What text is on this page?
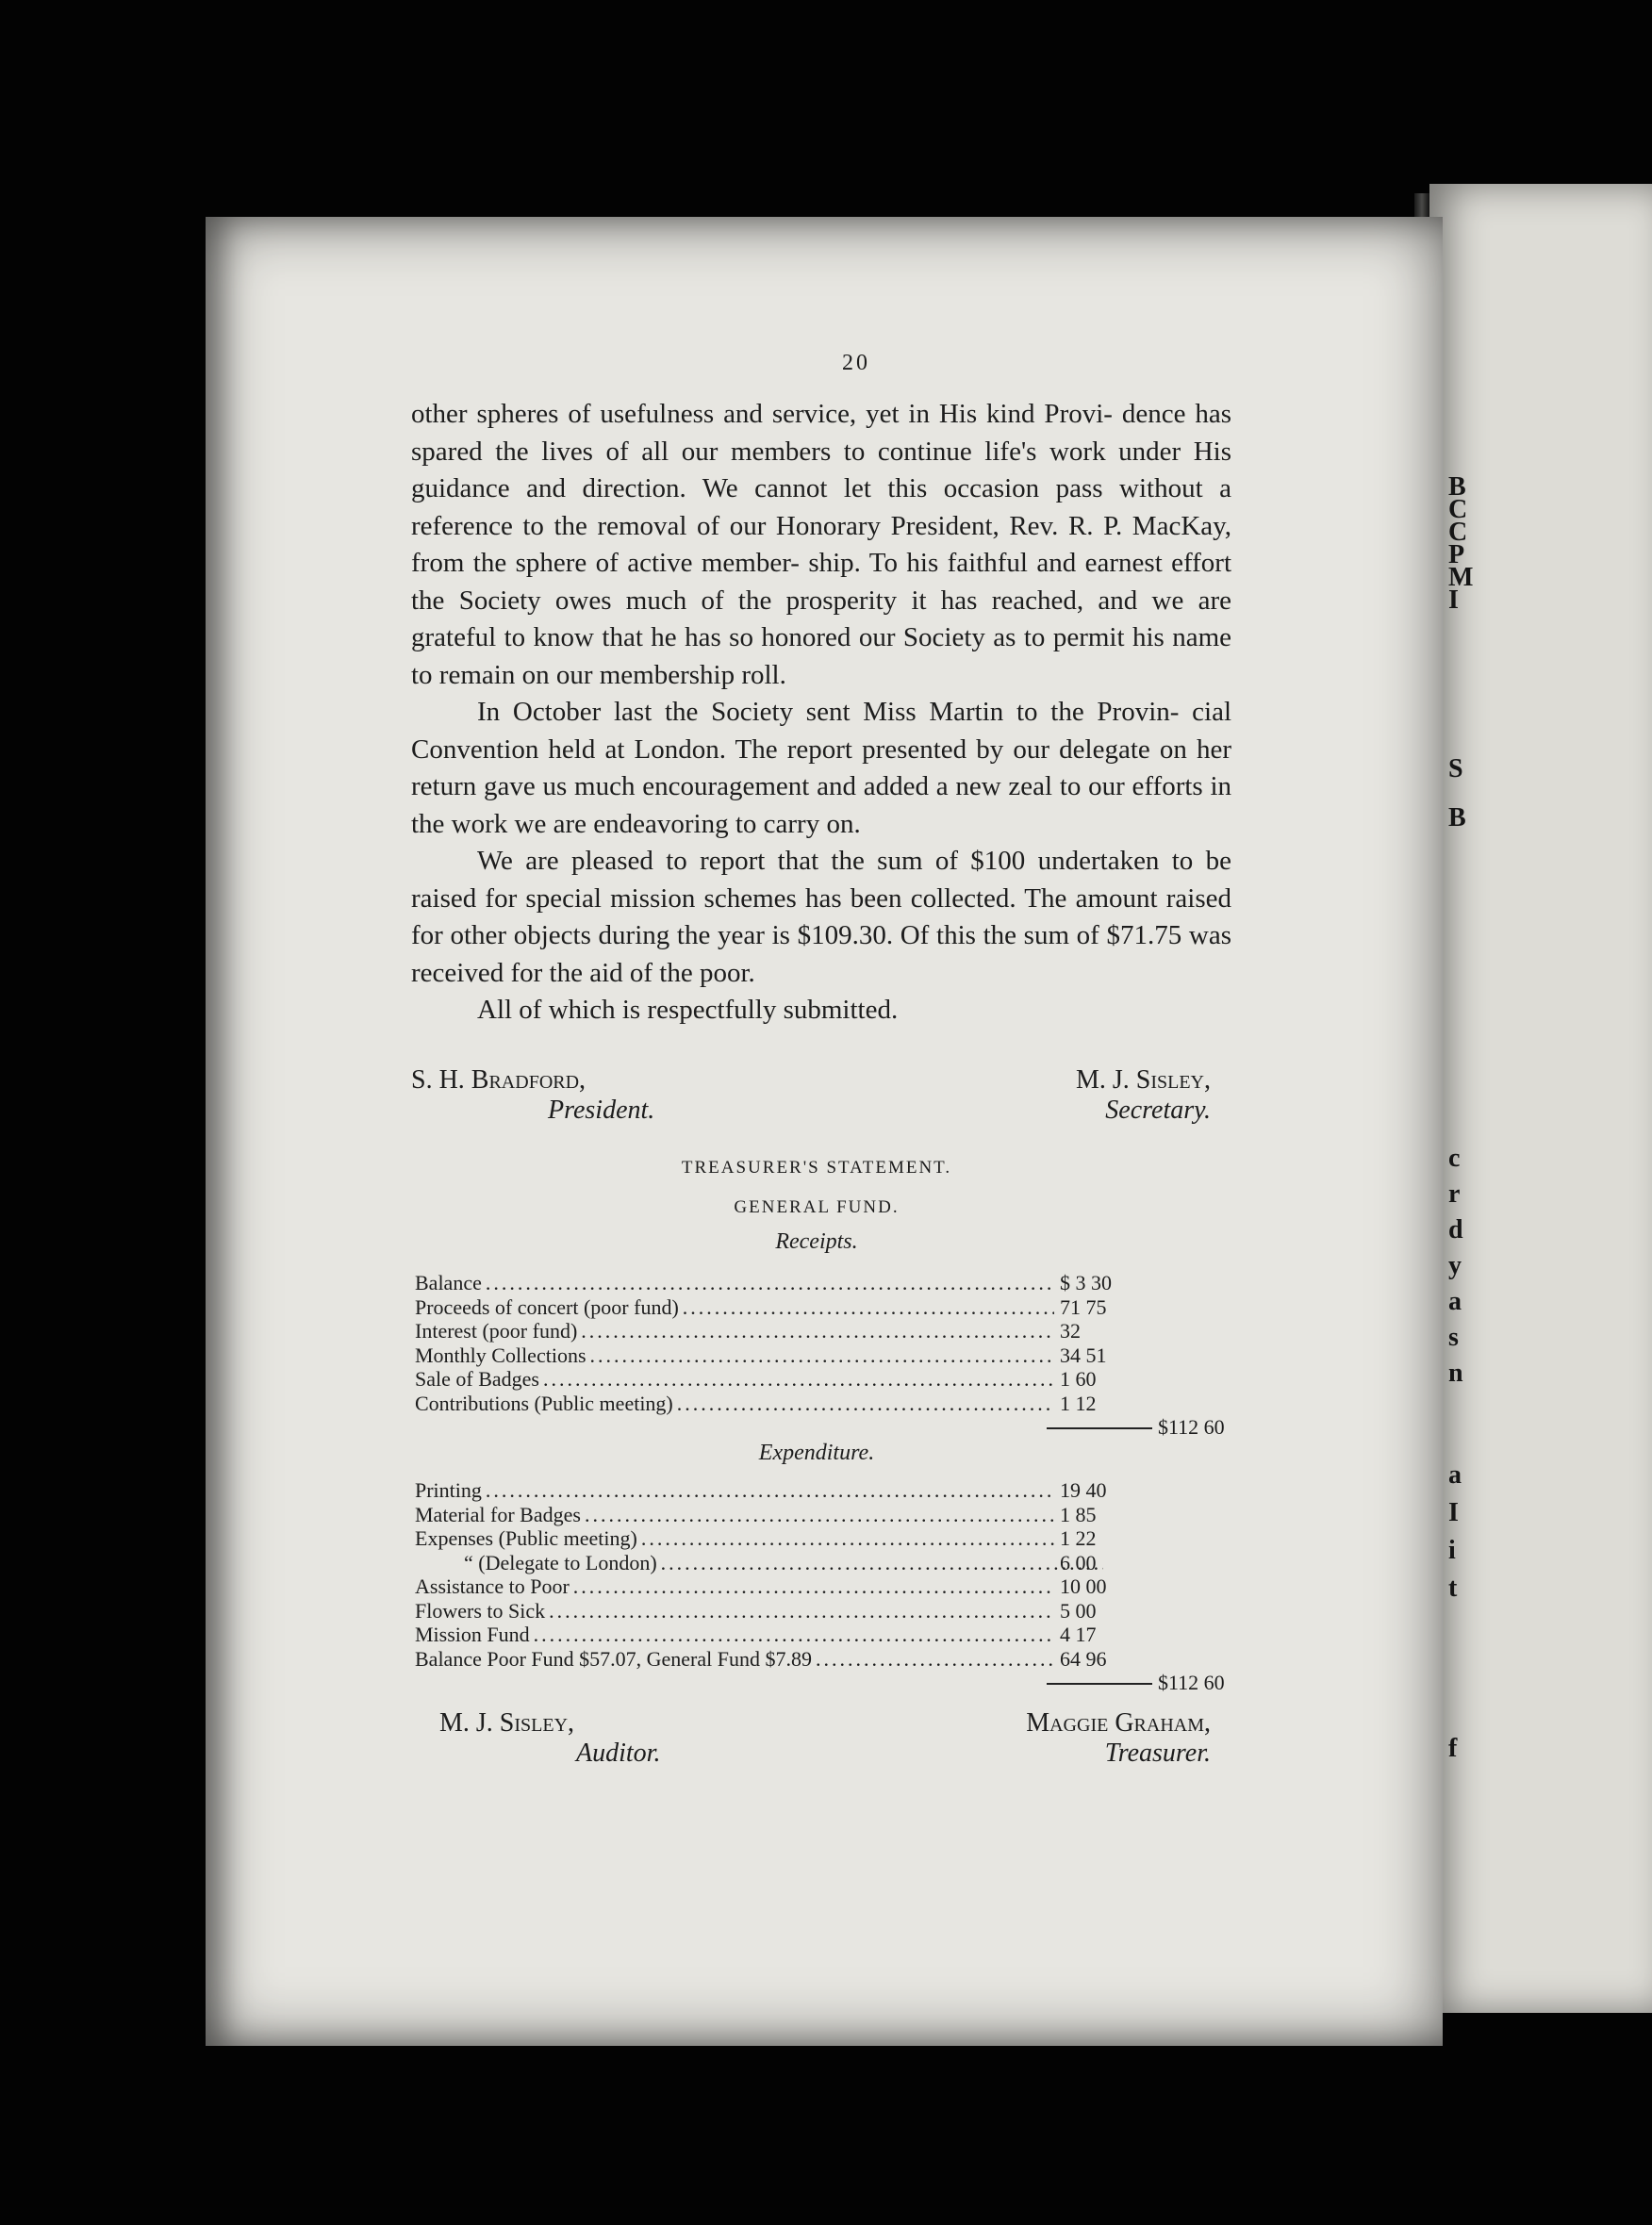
B
C
C
P
M
I
S
B
c
r
d
y
a
s
n
a
I
i
t
f
20

other spheres of usefulness and service, yet in His kind Provi- dence has spared the lives of all our members to continue life's work under His guidance and direction. We cannot let this occasion pass without a reference to the removal of our Honorary President, Rev. R. P. MacKay, from the sphere of active member- ship. To his faithful and earnest effort the Society owes much of the prosperity it has reached, and we are grateful to know that he has so honored our Society as to permit his name to remain on our membership roll.

In October last the Society sent Miss Martin to the Provin- cial Convention held at London. The report presented by our delegate on her return gave us much encouragement and added a new zeal to our efforts in the work we are endeavoring to carry on.

We are pleased to report that the sum of $100 undertaken to be raised for special mission schemes has been collected. The amount raised for other objects during the year is $109.30. Of this the sum of $71.75 was received for the aid of the poor.

All of which is respectfully submitted.

S. H. Bradford,
President.
M. J. Sisley,
Secretary.
TREASURER'S STATEMENT.
GENERAL FUND.
Receipts.
Balance .....	$ 3 30
Proceeds of concert (poor fund) .....	71 75
Interest (poor fund) .....	32
Monthly Collections .....	34 51
Sale of Badges .....	1 60
Contributions (Public meeting) .....	1 12
$112 60
Expenditure.
Printing .....	19 40
Material for Badges .....	1 85
Expenses (Public meeting) .....	1 22
“ (Delegate to London) .....	6 00
Assistance to Poor .....	10 00
Flowers to Sick .....	5 00
Mission Fund .....	4 17
Balance Poor Fund $57.07, General Fund $7.89 .....	64 96
$112 60
M. J. Sisley,
Auditor.
Maggie Graham,
Treasurer.
